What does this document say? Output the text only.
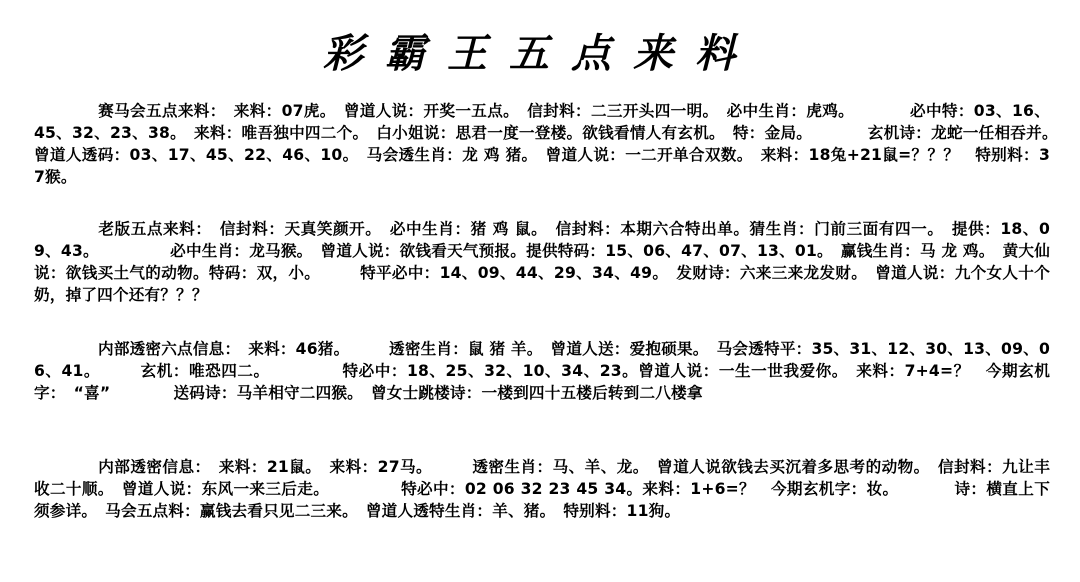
彩霸王五点来料
赛马会五点来料：　来料：07虎。　曾道人说：开奖一五点。　信封料：二三开头四一明。　必中生肖：虎鸡。　　　　必中特：03、16、45、32、23、38。　来料：唯吾独中四二个。　白小姐说：思君一度一登楼。欲钱看情人有玄机。　特：金局。　　　　玄机诗：龙蛇一任相吞并。　曾道人透码：03、17、45、22、46、10。　马会透生肖：龙 鸡 猪。　曾道人说：一二开单合双数。　来料：18兔+21鼠=？？？　特别料：37猴。
老版五点来料：　信封料：天真笑颜开。　必中生肖：猪 鸡 鼠。　信封料：本期六合特出单。猜生肖：门前三面有四一。　提供：18、09、43。　　　　　必中生肖：龙马猴。　曾道人说：欲钱看天气预报。提供特码：15、06、47、07、13、01。　赢钱生肖：马 龙 鸡。　黄大仙说：欲钱买土气的动物。特码：双，小。　　　特平必中：14、09、44、29、34、49。　发财诗：六来三来龙发财。　曾道人说：九个女人十个奶，掉了四个还有？？？
内部透密六点信息：　来料：46猪。　　　透密生肖：鼠 猪 羊。　曾道人送：爱抱硕果。　马会透特平：35、31、12、30、13、09、06、41。　　　玄机：唯恐四二。　　　　　特必中：18、25、32、10、34、23。曾道人说：一生一世我爱你。　来料：7+4=？　今期玄机字：　“喜”　　　　送码诗：马羊相守二四猴。　曾女士跳楼诗：一楼到四十五楼后转到二八楼拿
内部透密信息：　来料：21鼠。　来料：27马。　　　透密生肖：马、羊、龙。　曾道人说欲钱去买沉着多思考的动物。　信封料：九让丰收二十顺。　曾道人说：东风一来三后走。　　　　　特必中：02 06 32 23 45 34。来料：1+6=？　今期玄机字：妆。　　　　诗：横直上下须参详。　马会五点料：赢钱去看只见二三来。　曾道人透特生肖：羊、猪。　特别料：11狗。
